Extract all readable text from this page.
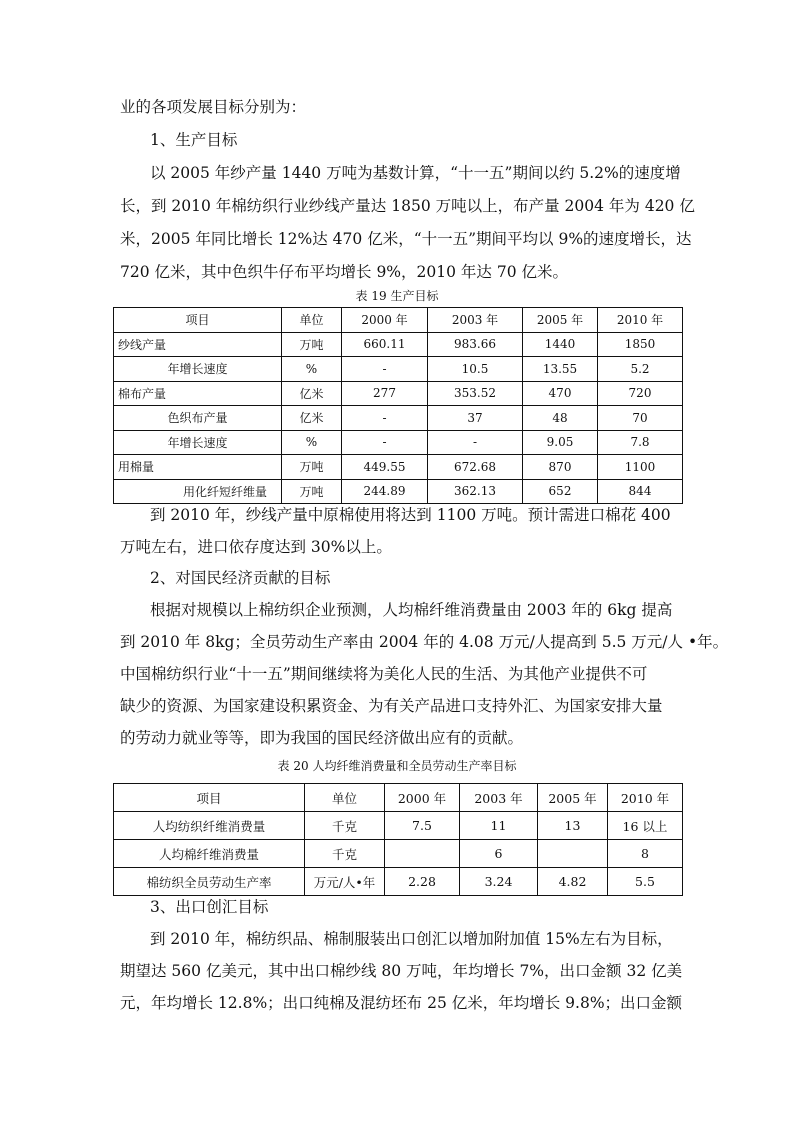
业的各项发展目标分别为：
1、生产目标
以 2005 年纱产量 1440 万吨为基数计算，“十一五”期间以约 5.2%的速度增
长，到 2010 年棉纺织行业纱线产量达 1850 万吨以上，布产量 2004 年为 420 亿
米，2005 年同比增长 12%达 470 亿米，“十一五”期间平均以 9%的速度增长，达
720 亿米，其中色织牛仔布平均增长 9%，2010 年达 70 亿米。
表 19 生产目标
项目	单位	2000 年	2003 年	2005 年	2010 年
纱线产量	万吨	660.11	983.66	1440	1850
年增长速度	%	-	10.5	13.55	5.2
棉布产量	亿米	277	353.52	470	720
色织布产量	亿米	-	37	48	70
年增长速度	%	-	-	9.05	7.8
用棉量	万吨	449.55	672.68	870	1100
用化纤短纤维量	万吨	244.89	362.13	652	844
到 2010 年，纱线产量中原棉使用将达到 1100 万吨。预计需进口棉花 400
万吨左右，进口依存度达到 30%以上。
2、对国民经济贡献的目标
根据对规模以上棉纺织企业预测，人均棉纤维消费量由 2003 年的 6kg 提高
到 2010 年 8kg；全员劳动生产率由 2004 年的 4.08 万元/人提高到 5.5 万元/人 •年。
中国棉纺织行业“十一五”期间继续将为美化人民的生活、为其他产业提供不可
缺少的资源、为国家建设积累资金、为有关产品进口支持外汇、为国家安排大量
的劳动力就业等等，即为我国的国民经济做出应有的贡献。
表 20 人均纤维消费量和全员劳动生产率目标
项目	单位	2000 年	2003 年	2005 年	2010 年
人均纺织纤维消费量	千克	7.5	11	13	16 以上
人均棉纤维消费量	千克		6		8
棉纺织全员劳动生产率	万元/人•年	2.28	3.24	4.82	5.5
3、出口创汇目标
到 2010 年，棉纺织品、棉制服装出口创汇以增加附加值 15%左右为目标，
期望达 560 亿美元，其中出口棉纱线 80 万吨，年均增长 7%，出口金额 32 亿美
元，年均增长 12.8%；出口纯棉及混纺坯布 25 亿米，年均增长 9.8%；出口金额
